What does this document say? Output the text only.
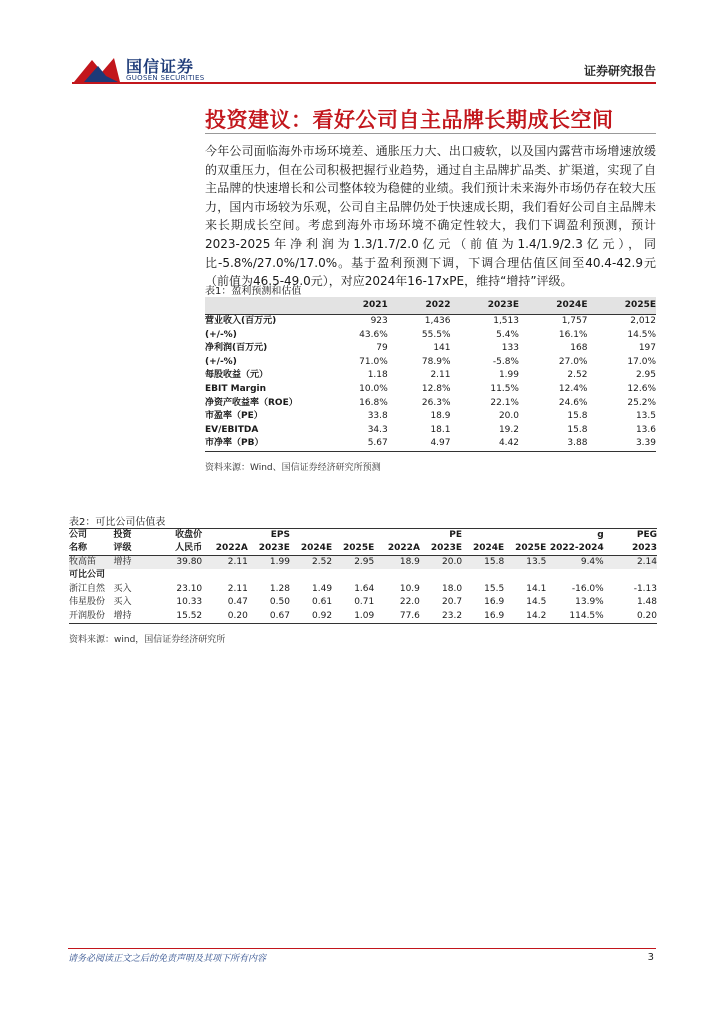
国信证券
GUOSEN SECURITIES	证券研究报告
投资建议：看好公司自主品牌长期成长空间
今年公司面临海外市场环境差、通胀压力大、出口疲软，以及国内露营市场增速放缓的双重压力，但在公司积极把握行业趋势，通过自主品牌扩品类、扩渠道，实现了自主品牌的快速增长和公司整体较为稳健的业绩。我们预计未来海外市场仍存在较大压力，国内市场较为乐观，公司自主品牌仍处于快速成长期，我们看好公司自主品牌未来长期成长空间。考虑到海外市场环境不确定性较大，我们下调盈利预测，预计2023-2025年净利润为1.3/1.7/2.0亿元（前值为1.4/1.9/2.3亿元），同比-5.8%/27.0%/17.0%。基于盈利预测下调，下调合理估值区间至40.4-42.9元（前值为46.5-49.0元），对应2024年16-17xPE，维持“增持”评级。
表1：盈利预测和估值
	2021	2022	2023E	2024E	2025E
营业收入(百万元)	923	1,436	1,513	1,757	2,012
(+/-%)	43.6%	55.5%	5.4%	16.1%	14.5%
净利润(百万元)	79	141	133	168	197
(+/-%)	71.0%	78.9%	-5.8%	27.0%	17.0%
每股收益（元）	1.18	2.11	1.99	2.52	2.95
EBIT Margin	10.0%	12.8%	11.5%	12.4%	12.6%
净资产收益率（ROE）	16.8%	26.3%	22.1%	24.6%	25.2%
市盈率（PE）	33.8	18.9	20.0	15.8	13.5
EV/EBITDA	34.3	18.1	19.2	15.8	13.6
市净率（PB）	5.67	4.97	4.42	3.88	3.39
资料来源：Wind、国信证券经济研究所预测
表2：可比公司估值表
公司	投资	收盘价		EPS				PE			g	PEG
名称	评级	人民币	2022A	2023E	2024E	2025E	2022A	2023E	2024E	2025E	2022-2024	2023
牧高笛	增持	39.80	2.11	1.99	2.52	2.95	18.9	20.0	15.8	13.5	9.4%	2.14
可比公司												
浙江自然	买入	23.10	2.11	1.28	1.49	1.64	10.9	18.0	15.5	14.1	-16.0%	-1.13
伟星股份	买入	10.33	0.47	0.50	0.61	0.71	22.0	20.7	16.9	14.5	13.9%	1.48
开润股份	增持	15.52	0.20	0.67	0.92	1.09	77.6	23.2	16.9	14.2	114.5%	0.20
资料来源：wind，国信证券经济研究所
请务必阅读正文之后的免责声明及其项下所有内容	3
